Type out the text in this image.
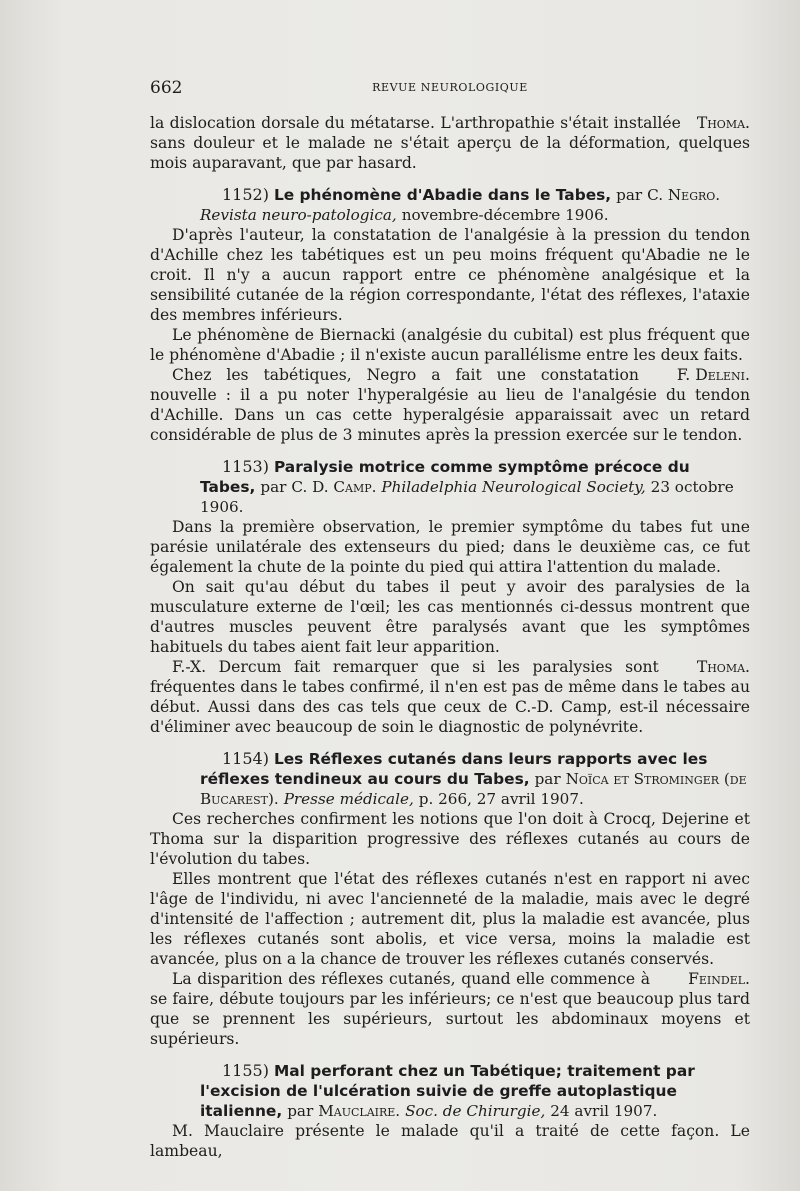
662	REVUE NEUROLOGIQUE

Thoma.
la dislocation dorsale du métatarse. L'arthropathie s'était installée sans douleur et le malade ne s'était aperçu de la déformation, quelques mois auparavant, que par hasard.

1152) Le phénomène d'Abadie dans le Tabes, par C. Negro. Revista neuro-patologica, novembre-décembre 1906.

D'après l'auteur, la constatation de l'analgésie à la pression du tendon d'Achille chez les tabétiques est un peu moins fréquent qu'Abadie ne le croit. Il n'y a aucun rapport entre ce phénomène analgésique et la sensibilité cutanée de la région correspondante, l'état des réflexes, l'ataxie des membres inférieurs.

Le phénomène de Biernacki (analgésie du cubital) est plus fréquent que le phénomène d'Abadie ; il n'existe aucun parallélisme entre les deux faits.

F. Deleni.
Chez les tabétiques, Negro a fait une constatation nouvelle : il a pu noter l'hyperalgésie au lieu de l'analgésie du tendon d'Achille. Dans un cas cette hyperalgésie apparaissait avec un retard considérable de plus de 3 minutes après la pression exercée sur le tendon.

1153) Paralysie motrice comme symptôme précoce du Tabes, par C. D. Camp. Philadelphia Neurological Society, 23 octobre 1906.

Dans la première observation, le premier symptôme du tabes fut une parésie unilatérale des extenseurs du pied; dans le deuxième cas, ce fut également la chute de la pointe du pied qui attira l'attention du malade.

On sait qu'au début du tabes il peut y avoir des paralysies de la musculature externe de l'œil; les cas mentionnés ci-dessus montrent que d'autres muscles peuvent être paralysés avant que les symptômes habituels du tabes aient fait leur apparition.

Thoma.
F.-X. Dercum fait remarquer que si les paralysies sont fréquentes dans le tabes confirmé, il n'en est pas de même dans le tabes au début. Aussi dans des cas tels que ceux de C.-D. Camp, est-il nécessaire d'éliminer avec beaucoup de soin le diagnostic de polynévrite.

1154) Les Réflexes cutanés dans leurs rapports avec les réflexes tendineux au cours du Tabes, par Noïca et Strominger (de Bucarest). Presse médicale, p. 266, 27 avril 1907.

Ces recherches confirment les notions que l'on doit à Crocq, Dejerine et Thoma sur la disparition progressive des réflexes cutanés au cours de l'évolution du tabes.

Elles montrent que l'état des réflexes cutanés n'est en rapport ni avec l'âge de l'individu, ni avec l'ancienneté de la maladie, mais avec le degré d'intensité de l'affection ; autrement dit, plus la maladie est avancée, plus les réflexes cutanés sont abolis, et vice versa, moins la maladie est avancée, plus on a la chance de trouver les réflexes cutanés conservés.

Feindel.
La disparition des réflexes cutanés, quand elle commence à se faire, débute toujours par les inférieurs; ce n'est que beaucoup plus tard que se prennent les supérieurs, surtout les abdominaux moyens et supérieurs.

1155) Mal perforant chez un Tabétique; traitement par l'excision de l'ulcération suivie de greffe autoplastique italienne, par Mauclaire. Soc. de Chirurgie, 24 avril 1907.

M. Mauclaire présente le malade qu'il a traité de cette façon. Le lambeau,
